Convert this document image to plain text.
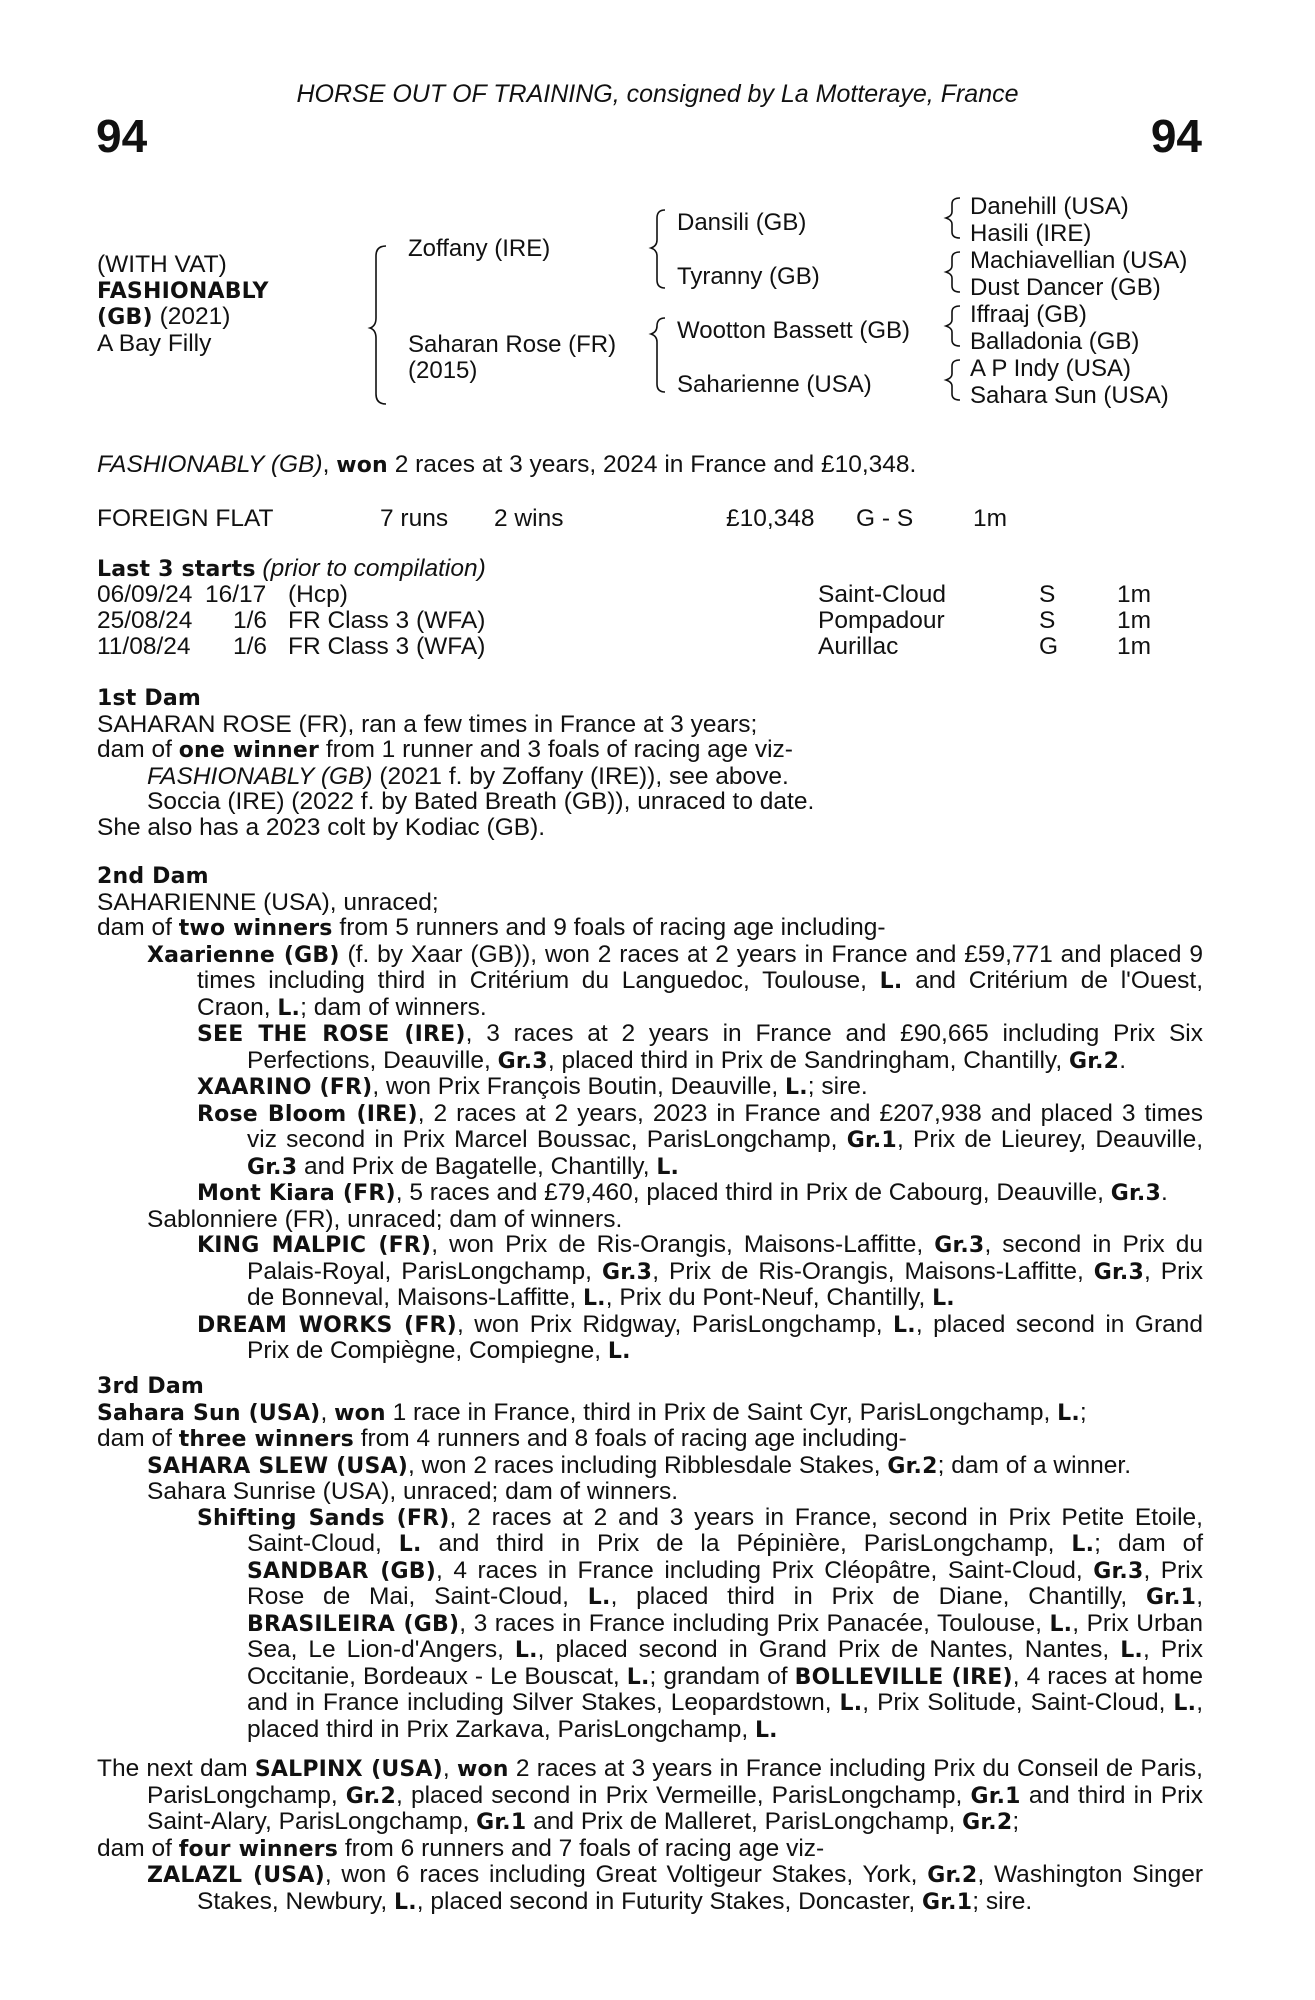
94	94
HORSE OUT OF TRAINING, consigned by La Motteraye, France
(WITH VAT)
FASHIONABLY
(GB) (2021)
A Bay Filly
Zoffany (IRE)
Saharan Rose (FR)
(2015)
Dansili (GB)
Tyranny (GB)
Wootton Bassett (GB)
Saharienne (USA)
Danehill (USA)
Hasili (IRE)
Machiavellian (USA)
Dust Dancer (GB)
Iffraaj (GB)
Balladonia (GB)
A P Indy (USA)
Sahara Sun (USA)
FASHIONABLY (GB), won 2 races at 3 years, 2024 in France and £10,348.
FOREIGN FLAT	7 runs 2 wins	£10,348 G - S 1m
Last 3 starts (prior to compilation)
06/09/24 16/17 (Hcp)	Saint-Cloud	S	1m
25/08/24 1/6 FR Class 3 (WFA)	Pompadour	S	1m
11/08/24 1/6 FR Class 3 (WFA)	Aurillac	G 1m
1st Dam
SAHARAN ROSE (FR), ran a few times in France at 3 years;
dam of one winner from 1 runner and 3 foals of racing age viz-
FASHIONABLY (GB) (2021 f. by Zoffany (IRE)), see above.
Soccia (IRE) (2022 f. by Bated Breath (GB)), unraced to date.
She also has a 2023 colt by Kodiac (GB).
2nd Dam
SAHARIENNE (USA), unraced;
dam of two winners from 5 runners and 9 foals of racing age including-
Xaarienne (GB) (f. by Xaar (GB)), won 2 races at 2 years in France and £59,771 and placed 9 times including third in Critérium du Languedoc, Toulouse, L. and Critérium de l'Ouest, Craon, L.; dam of winners.
SEE THE ROSE (IRE), 3 races at 2 years in France and £90,665 including Prix Six Perfections, Deauville, Gr.3, placed third in Prix de Sandringham, Chantilly, Gr.2.
XAARINO (FR), won Prix François Boutin, Deauville, L.; sire.
Rose Bloom (IRE), 2 races at 2 years, 2023 in France and £207,938 and placed 3 times viz second in Prix Marcel Boussac, ParisLongchamp, Gr.1, Prix de Lieurey, Deauville, Gr.3 and Prix de Bagatelle, Chantilly, L.
Mont Kiara (FR), 5 races and £79,460, placed third in Prix de Cabourg, Deauville, Gr.3.
Sablonniere (FR), unraced; dam of winners.
KING MALPIC (FR), won Prix de Ris-Orangis, Maisons-Laffitte, Gr.3, second in Prix du Palais-Royal, ParisLongchamp, Gr.3, Prix de Ris-Orangis, Maisons-Laffitte, Gr.3, Prix de Bonneval, Maisons-Laffitte, L., Prix du Pont-Neuf, Chantilly, L.
DREAM WORKS (FR), won Prix Ridgway, ParisLongchamp, L., placed second in Grand Prix de Compiègne, Compiegne, L.
3rd Dam
Sahara Sun (USA), won 1 race in France, third in Prix de Saint Cyr, ParisLongchamp, L.;
dam of three winners from 4 runners and 8 foals of racing age including-
SAHARA SLEW (USA), won 2 races including Ribblesdale Stakes, Gr.2; dam of a winner.
Sahara Sunrise (USA), unraced; dam of winners.
Shifting Sands (FR), 2 races at 2 and 3 years in France, second in Prix Petite Etoile, Saint-Cloud, L. and third in Prix de la Pépinière, ParisLongchamp, L.; dam of SANDBAR (GB), 4 races in France including Prix Cléopâtre, Saint-Cloud, Gr.3, Prix Rose de Mai, Saint-Cloud, L., placed third in Prix de Diane, Chantilly, Gr.1, BRASILEIRA (GB), 3 races in France including Prix Panacée, Toulouse, L., Prix Urban Sea, Le Lion-d'Angers, L., placed second in Grand Prix de Nantes, Nantes, L., Prix Occitanie, Bordeaux - Le Bouscat, L.; grandam of BOLLEVILLE (IRE), 4 races at home and in France including Silver Stakes, Leopardstown, L., Prix Solitude, Saint-Cloud, L., placed third in Prix Zarkava, ParisLongchamp, L.
The next dam SALPINX (USA), won 2 races at 3 years in France including Prix du Conseil de Paris, ParisLongchamp, Gr.2, placed second in Prix Vermeille, ParisLongchamp, Gr.1 and third in Prix Saint-Alary, ParisLongchamp, Gr.1 and Prix de Malleret, ParisLongchamp, Gr.2;
dam of four winners from 6 runners and 7 foals of racing age viz-
ZALAZL (USA), won 6 races including Great Voltigeur Stakes, York, Gr.2, Washington Singer Stakes, Newbury, L., placed second in Futurity Stakes, Doncaster, Gr.1; sire.
